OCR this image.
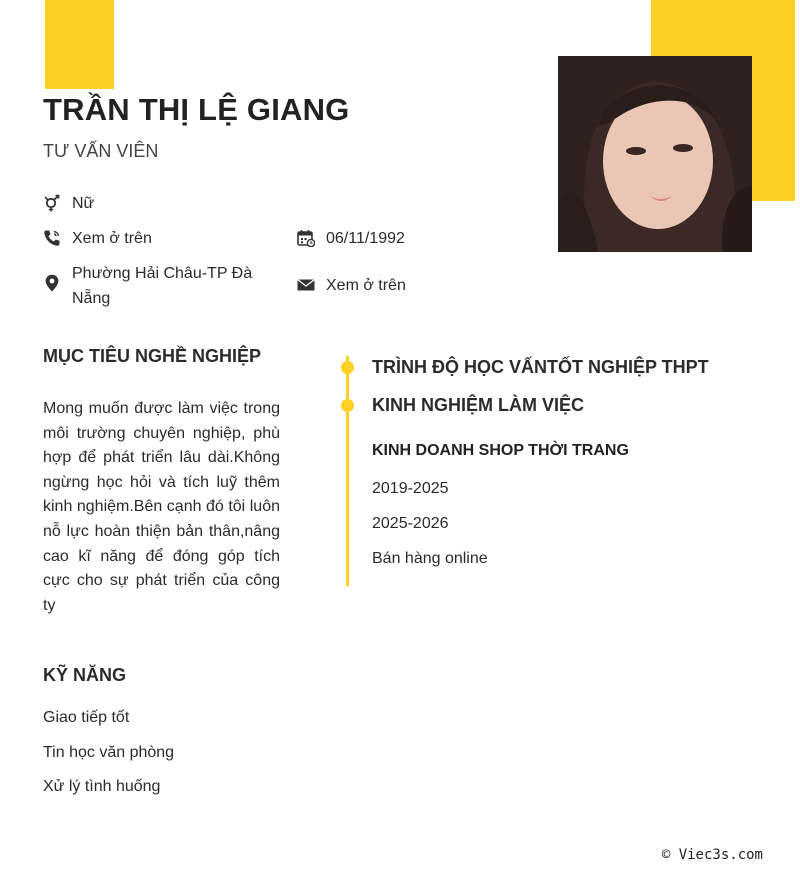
TRẦN THỊ LỆ GIANG

TƯ VẤN VIÊN

Nữ
Xem ở trên	06/11/1992
Phường Hải Châu-TP Đà Nẵng
Xem ở trên
MỤC TIÊU NGHỀ NGHIỆP

Mong muốn được làm việc trong môi trường chuyên nghiệp, phù hợp để phát triển lâu dài.Không ngừng học hỏi và tích luỹ thêm kinh nghiệm.Bên cạnh đó tôi luôn nỗ lực hoàn thiện bản thân,nâng cao kĩ năng để đóng góp tích cực cho sự phát triển của công ty

KỸ NĂNG
Giao tiếp tốt
Tin học văn phòng
Xử lý tình huống
TRÌNH ĐỘ HỌC VẤNTỐT NGHIỆP THPT
KINH NGHIỆM LÀM VIỆC

KINH DOANH SHOP THỜI TRANG

2019-2025
2025-2026
Bán hàng online
© Viec3s.com
